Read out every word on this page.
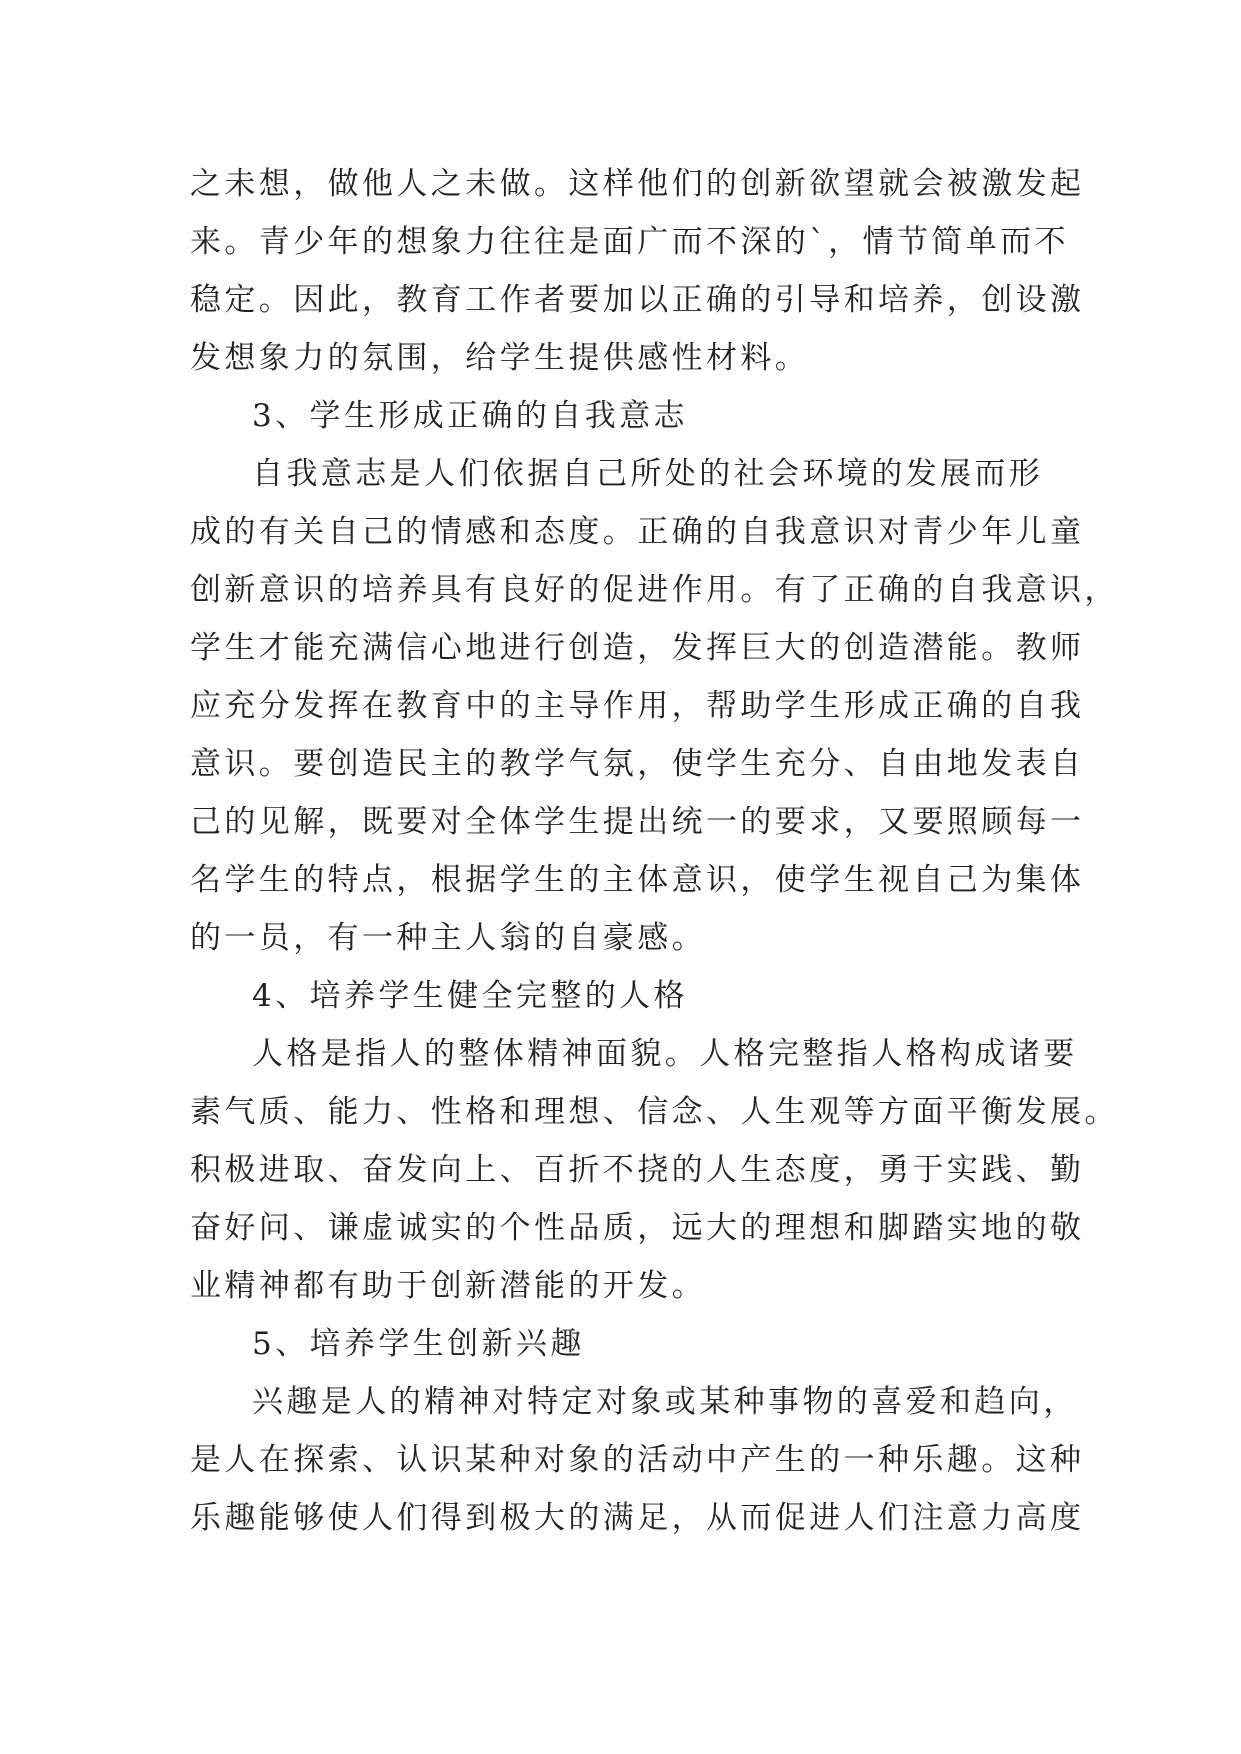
之未想，做他人之未做。这样他们的创新欲望就会被激发起
来。青少年的想象力往往是面广而不深的`，情节简单而不
稳定。因此，教育工作者要加以正确的引导和培养，创设激
发想象力的氛围，给学生提供感性材料。
3、学生形成正确的自我意志
自我意志是人们依据自己所处的社会环境的发展而形
成的有关自己的情感和态度。正确的自我意识对青少年儿童
创新意识的培养具有良好的促进作用。有了正确的自我意识，
学生才能充满信心地进行创造，发挥巨大的创造潜能。教师
应充分发挥在教育中的主导作用，帮助学生形成正确的自我
意识。要创造民主的教学气氛，使学生充分、自由地发表自
己的见解，既要对全体学生提出统一的要求，又要照顾每一
名学生的特点，根据学生的主体意识，使学生视自己为集体
的一员，有一种主人翁的自豪感。
4、培养学生健全完整的人格
人格是指人的整体精神面貌。人格完整指人格构成诸要
素气质、能力、性格和理想、信念、人生观等方面平衡发展。
积极进取、奋发向上、百折不挠的人生态度，勇于实践、勤
奋好问、谦虚诚实的个性品质，远大的理想和脚踏实地的敬
业精神都有助于创新潜能的开发。
5、培养学生创新兴趣
兴趣是人的精神对特定对象或某种事物的喜爱和趋向，
是人在探索、认识某种对象的活动中产生的一种乐趣。这种
乐趣能够使人们得到极大的满足，从而促进人们注意力高度
